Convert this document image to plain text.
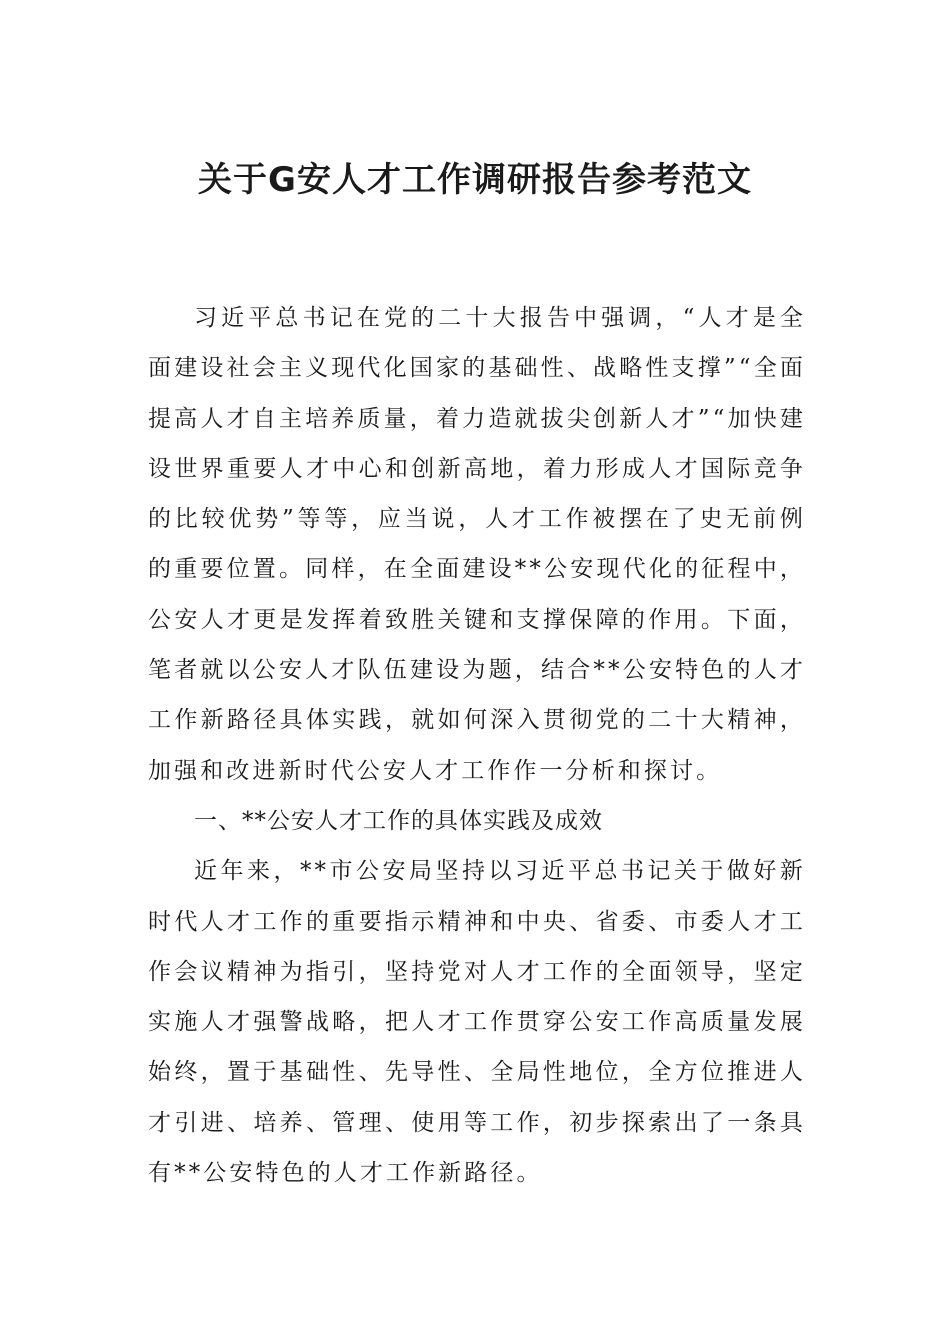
关于G安人才工作调研报告参考范文

习近平总书记在党的二十大报告中强调，“人才是全面建设社会主义现代化国家的基础性、战略性支撑”“全面提高人才自主培养质量，着力造就拔尖创新人才”“加快建设世界重要人才中心和创新高地，着力形成人才国际竞争的比较优势”等等，应当说，人才工作被摆在了史无前例的重要位置。同样，在全面建设**公安现代化的征程中，公安人才更是发挥着致胜关键和支撑保障的作用。下面，笔者就以公安人才队伍建设为题，结合**公安特色的人才工作新路径具体实践，就如何深入贯彻党的二十大精神，加强和改进新时代公安人才工作作一分析和探讨。

一、**公安人才工作的具体实践及成效

近年来，**市公安局坚持以习近平总书记关于做好新时代人才工作的重要指示精神和中央、省委、市委人才工作会议精神为指引，坚持党对人才工作的全面领导，坚定实施人才强警战略，把人才工作贯穿公安工作高质量发展始终，置于基础性、先导性、全局性地位，全方位推进人才引进、培养、管理、使用等工作，初步探索出了一条具有**公安特色的人才工作新路径。
